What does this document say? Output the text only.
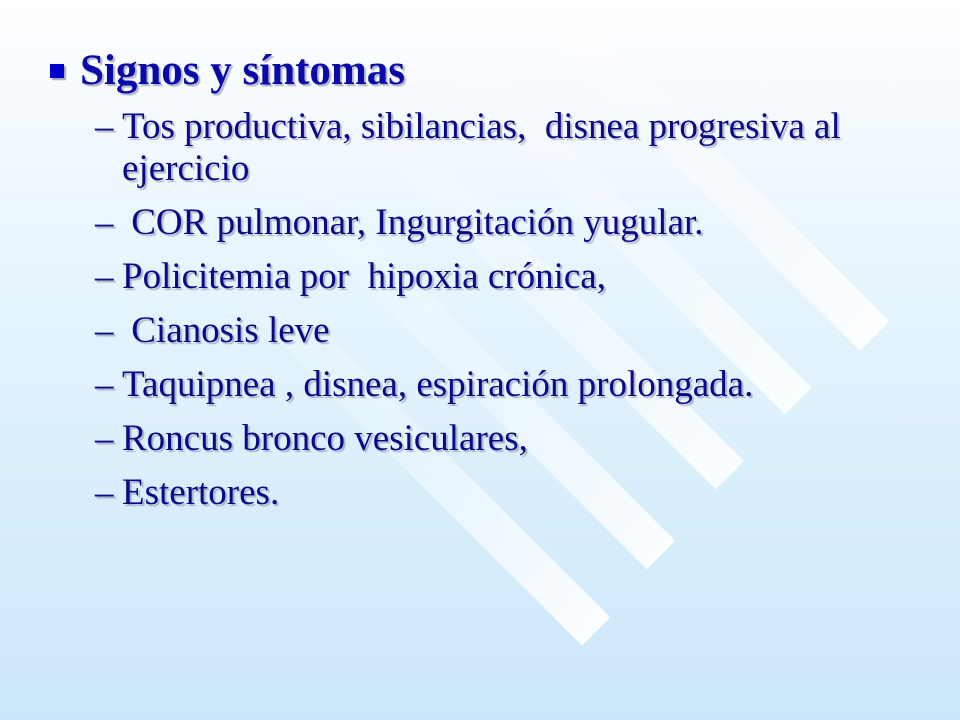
Signos y síntomas
– Tos productiva, sibilancias,  disnea progresiva al ejercicio
– COR pulmonar, Ingurgitación yugular.
– Policitemia por  hipoxia crónica,
– Cianosis leve
– Taquipnea , disnea, espiración prolongada.
– Roncus bronco vesiculares,
– Estertores.
